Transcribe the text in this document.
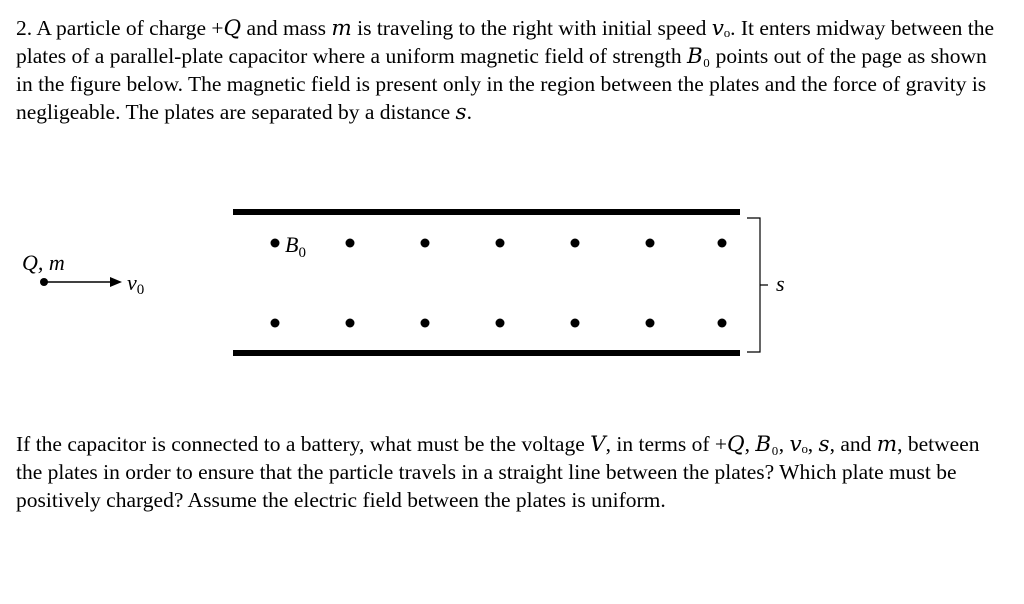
2. A particle of charge +𝑄 and mass 𝑚 is traveling to the right with initial speed 𝑣ₒ. It enters midway between the plates of a parallel-plate capacitor where a uniform magnetic field of strength 𝐵₀ points out of the page as shown in the figure below. The magnetic field is present only in the region between the plates and the force of gravity is negligeable. The plates are separated by a distance 𝑠.

$B_0$
Q, m
v0	s

If the capacitor is connected to a battery, what must be the voltage 𝑉, in terms of +𝑄, 𝐵₀, 𝑣ₒ, 𝑠, and 𝑚, between the plates in order to ensure that the particle travels in a straight line between the plates? Which plate must be positively charged? Assume the electric field between the plates is uniform.
